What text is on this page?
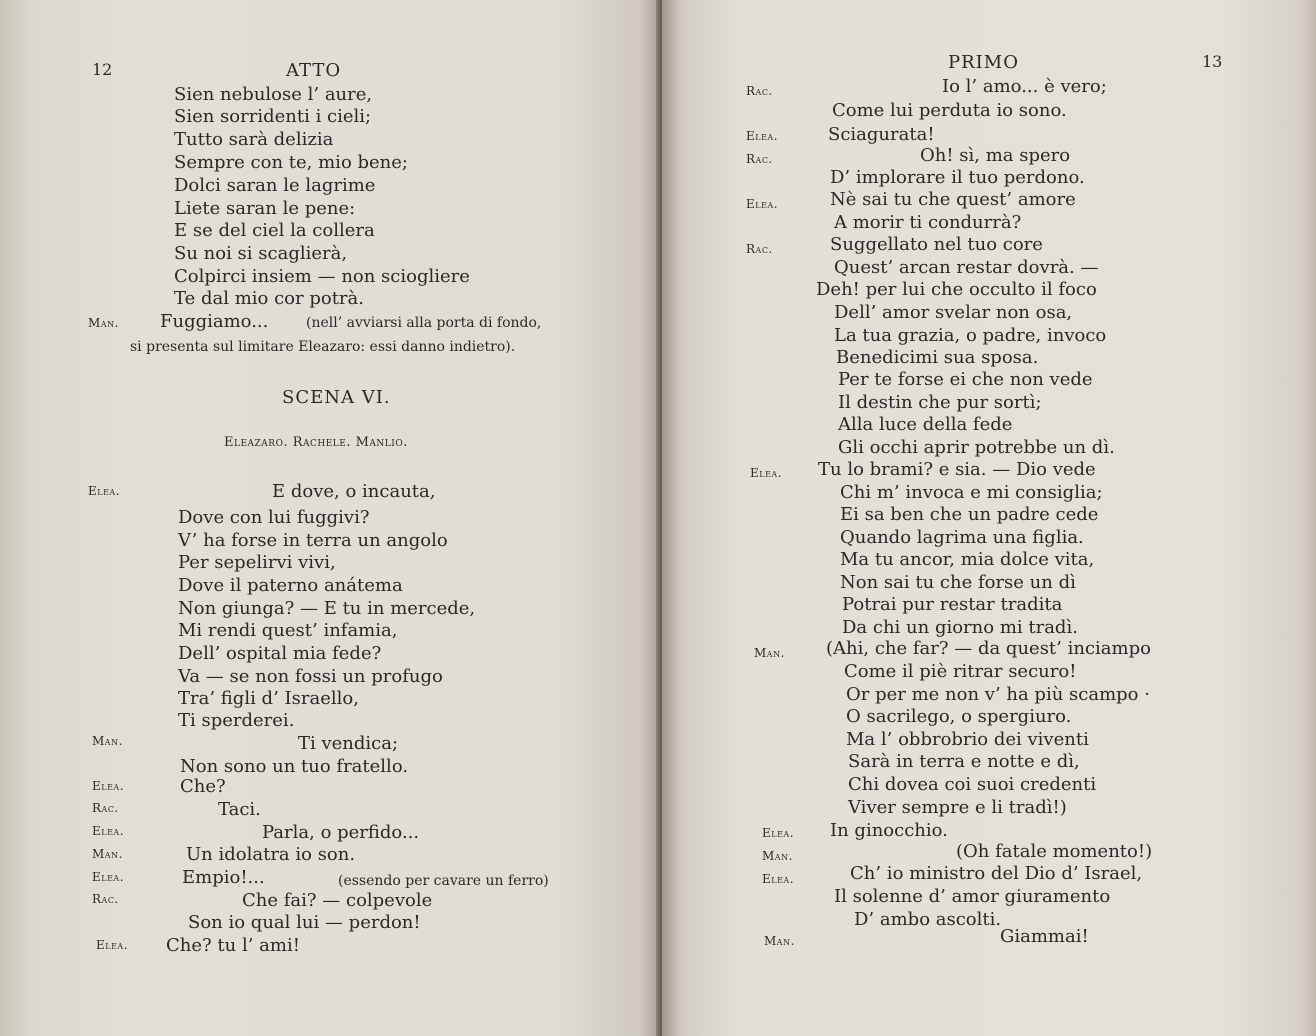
12	ATTO
Sien nebulose l’ aure,
Sien sorridenti i cieli;
Tutto sarà delizia
Sempre con te, mio bene;
Dolci saran le lagrime
Liete saran le pene:
E se del ciel la collera
Su noi si scaglierà,
Colpirci insiem — non sciogliere
Te dal mio cor potrà.
Man. Fuggiamo...	(nell’ avviarsi alla porta di fondo,
si presenta sul limitare Eleazaro: essi danno indietro).
SCENA VI.
Eleazaro. Rachele. Manlio.
Elea.	E dove, o incauta,
Dove con lui fuggivi?
V’ ha forse in terra un angolo
Per sepelirvi vivi,
Dove il paterno anátema
Non giunga? — E tu in mercede,
Mi rendi quest’ infamia,
Dell’ ospital mia fede?
Va — se non fossi un profugo
Tra’ figli d’ Israello,
Ti sperderei.
Man.	Ti vendica;
Non sono un tuo fratello.
Elea.	Che?
Rac.	Taci.
Elea.	Parla, o perfido...
Man.	Un idolatra io son.
Elea.	Empio!...	(essendo per cavare un ferro)
Rac.	Che fai? — colpevole
Son io qual lui — perdon!
Elea. Che? tu l’ ami!
PRIMO	13
Rac.	Io l’ amo... è vero;
Come lui perduta io sono.
Elea.	Sciagurata!
Rac.	Oh! sì, ma spero
D’ implorare il tuo perdono.
Elea.	Nè sai tu che quest’ amore
A morir ti condurrà?
Rac.	Suggellato nel tuo core
Quest’ arcan restar dovrà. —
Deh! per lui che occulto il foco
Dell’ amor svelar non osa,
La tua grazia, o padre, invoco
Benedicimi sua sposa.
Per te forse ei che non vede
Il destin che pur sortì;
Alla luce della fede
Gli occhi aprir potrebbe un dì.
Elea. Tu lo brami? e sia. — Dio vede
Chi m’ invoca e mi consiglia;
Ei sa ben che un padre cede
Quando lagrima una figlia.
Ma tu ancor, mia dolce vita,
Non sai tu che forse un dì
Potrai pur restar tradita
Da chi un giorno mi tradì.
Man. (Ahi, che far? — da quest’ inciampo
Come il piè ritrar securo!
Or per me non v’ ha più scampo ·
O sacrilego, o spergiuro.
Ma l’ obbrobrio dei viventi
Sarà in terra e notte e dì,
Chi dovea coi suoi credenti
Viver sempre e li tradì!)
Elea. In ginocchio.
Man.	(Oh fatale momento!)
Elea.	Ch’ io ministro del Dio d’ Israel,
Il solenne d’ amor giuramento
D’ ambo ascolti.
Man.	Giammai!
